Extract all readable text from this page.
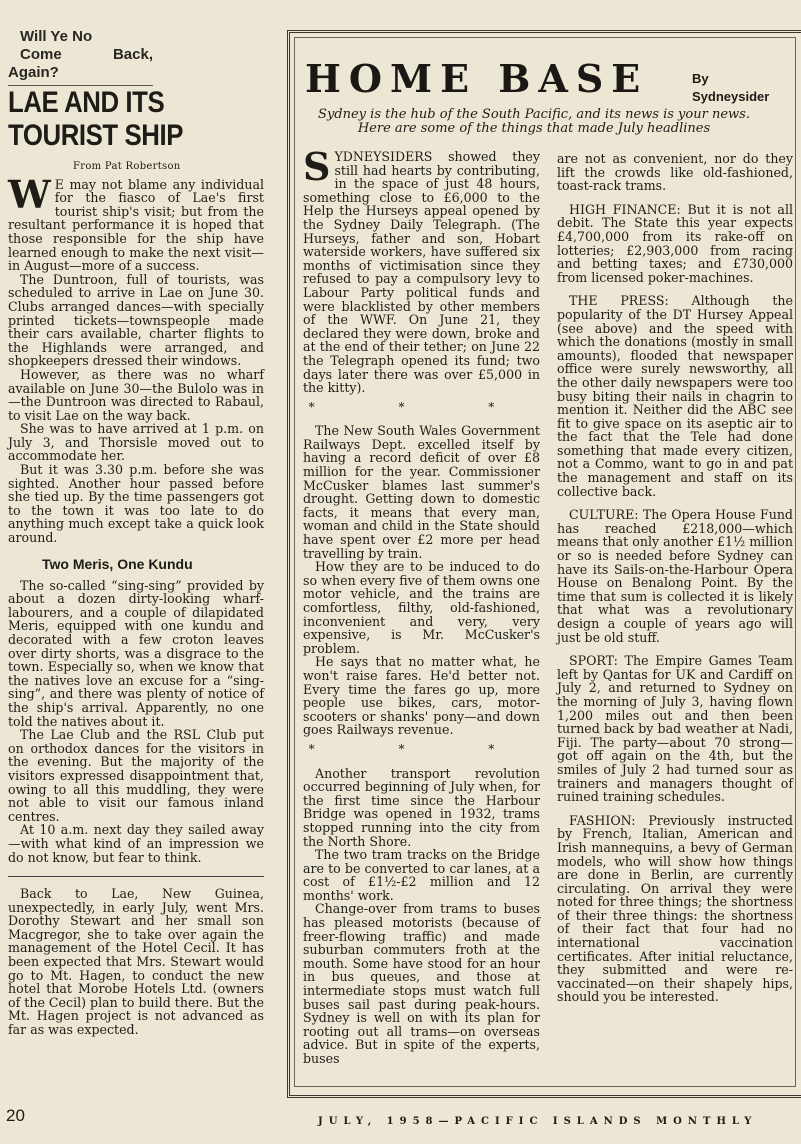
Will Ye No

Come Back, Again?

LAE AND ITS
TOURIST SHIP

From Pat Robertson

WE may not blame any individual for the fiasco of Lae's first tourist ship's visit; but from the resultant performance it is hoped that those responsible for the ship have learned enough to make the next visit—in August—more of a success.

The Duntroon, full of tourists, was scheduled to arrive in Lae on June 30. Clubs arranged dances—with specially printed tickets—townspeople made their cars available, charter flights to the Highlands were arranged, and shopkeepers dressed their windows.

However, as there was no wharf available on June 30—the Bulolo was in—the Duntroon was directed to Rabaul, to visit Lae on the way back.

She was to have arrived at 1 p.m. on July 3, and Thorsisle moved out to accommodate her.

But it was 3.30 p.m. before she was sighted. Another hour passed before she tied up. By the time passengers got to the town it was too late to do anything much except take a quick look around.

Two Meris, One Kundu

The so-called “sing-sing” provided by about a dozen dirty-looking wharf-labourers, and a couple of dilapidated Meris, equipped with one kundu and decorated with a few croton leaves over dirty shorts, was a disgrace to the town. Especially so, when we know that the natives love an excuse for a “sing-sing”, and there was plenty of notice of the ship's arrival. Apparently, no one told the natives about it.

The Lae Club and the RSL Club put on orthodox dances for the visitors in the evening. But the majority of the visitors expressed disappointment that, owing to all this muddling, they were not able to visit our famous inland centres.

At 10 a.m. next day they sailed away—with what kind of an impression we do not know, but fear to think.

Back to Lae, New Guinea, unexpectedly, in early July, went Mrs. Dorothy Stewart and her small son Macgregor, she to take over again the management of the Hotel Cecil. It has been expected that Mrs. Stewart would go to Mt. Hagen, to conduct the new hotel that Morobe Hotels Ltd. (owners of the Cecil) plan to build there. But the Mt. Hagen project is not advanced as far as was expected.

HOME BASE	By
Sydneysider
Sydney is the hub of the South Pacific, and its news is your news. Here are some of the things that made July headlines

SYDNEYSIDERS showed they still had hearts by contributing, in the space of just 48 hours, something close to £6,000 to the Help the Hurseys appeal opened by the Sydney Daily Telegraph. (The Hurseys, father and son, Hobart waterside workers, have suffered six months of victimisation since they refused to pay a compulsory levy to Labour Party political funds and were blacklisted by other members of the WWF. On June 21, they declared they were down, broke and at the end of their tether; on June 22 the Telegraph opened its fund; two days later there was over £5,000 in the kitty).

* * *

The New South Wales Government Railways Dept. excelled itself by having a record deficit of over £8 million for the year. Commissioner McCusker blames last summer's drought. Getting down to domestic facts, it means that every man, woman and child in the State should have spent over £2 more per head travelling by train.

How they are to be induced to do so when every five of them owns one motor vehicle, and the trains are comfortless, filthy, old-fashioned, inconvenient and very, very expensive, is Mr. McCusker's problem.

He says that no matter what, he won't raise fares. He'd better not. Every time the fares go up, more people use bikes, cars, motor-scooters or shanks' pony—and down goes Railways revenue.

* * *

Another transport revolution occurred beginning of July when, for the first time since the Harbour Bridge was opened in 1932, trams stopped running into the city from the North Shore.

The two tram tracks on the Bridge are to be converted to car lanes, at a cost of £1½-£2 million and 12 months' work.

Change-over from trams to buses has pleased motorists (because of freer-flowing traffic) and made suburban commuters froth at the mouth. Some have stood for an hour in bus queues, and those at intermediate stops must watch full buses sail past during peak-hours. Sydney is well on with its plan for rooting out all trams—on overseas advice. But in spite of the experts, buses

are not as convenient, nor do they lift the crowds like old-fashioned, toast-rack trams.

HIGH FINANCE: But it is not all debit. The State this year expects £4,700,000 from its rake-off on lotteries; £2,903,000 from racing and betting taxes; and £730,000 from licensed poker-machines.

THE PRESS: Although the popularity of the DT Hursey Appeal (see above) and the speed with which the donations (mostly in small amounts), flooded that newspaper office were surely newsworthy, all the other daily newspapers were too busy biting their nails in chagrin to mention it. Neither did the ABC see fit to give space on its aseptic air to the fact that the Tele had done something that made every citizen, not a Commo, want to go in and pat the management and staff on its collective back.

CULTURE: The Opera House Fund has reached £218,000—which means that only another £1½ million or so is needed before Sydney can have its Sails-on-the-Harbour Opera House on Benalong Point. By the time that sum is collected it is likely that what was a revolutionary design a couple of years ago will just be old stuff.

SPORT: The Empire Games Team left by Qantas for UK and Cardiff on July 2, and returned to Sydney on the morning of July 3, having flown 1,200 miles out and then been turned back by bad weather at Nadi, Fiji. The party—about 70 strong—got off again on the 4th, but the smiles of July 2 had turned sour as trainers and managers thought of ruined training schedules.

FASHION: Previously instructed by French, Italian, American and Irish mannequins, a bevy of German models, who will show how things are done in Berlin, are currently circulating. On arrival they were noted for three things; the shortness of their three things: the shortness of their fact that four had no international vaccination certificates. After initial reluctance, they submitted and were re-vaccinated—on their shapely hips, should you be interested.

20	JULY, 1958—PACIFIC ISLANDS MONTHLY
